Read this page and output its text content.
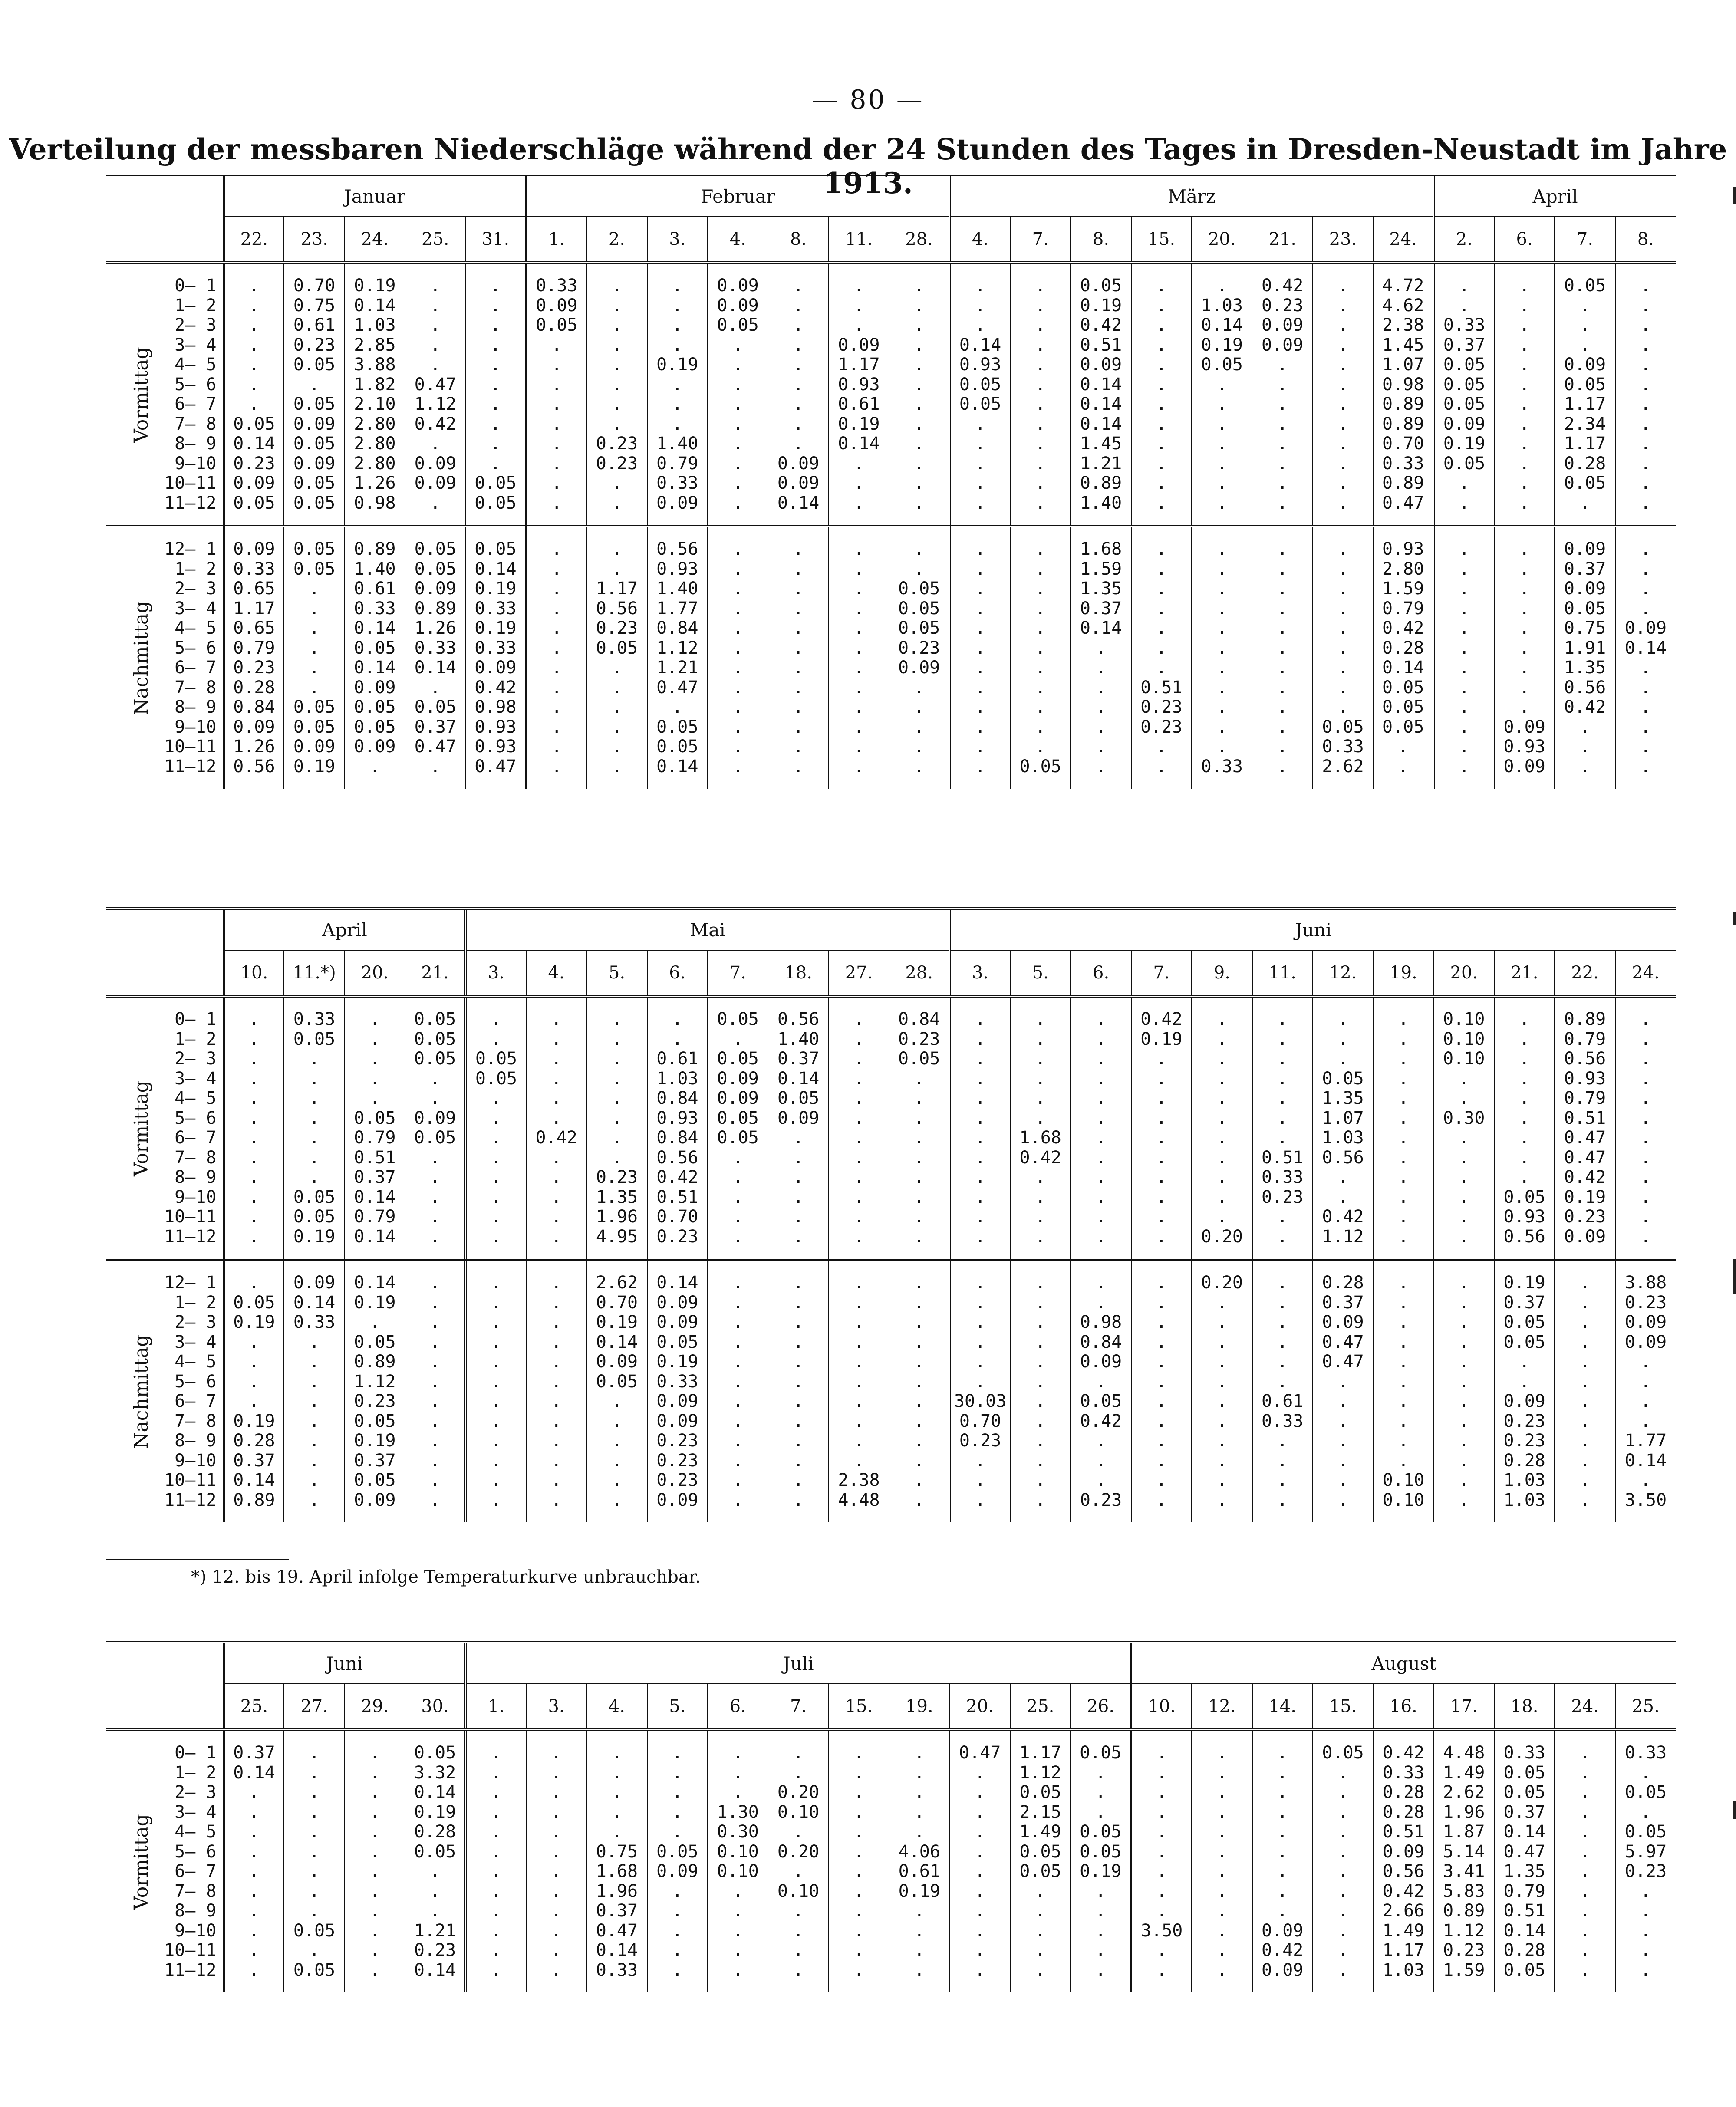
— 80 —
Verteilung der messbaren Niederschläge während der 24 Stunden des Tages in Dresden-Neustadt im Jahre 1913.
	Januar					Februar							März								April			
	22.	23.	24.	25.	31.	1.	2.	3.	4.	8.	11.	28.	4.	7.	8.	15.	20.	21.	23.	24.	2.	6.	7.	8.

0— 1	.	0.70	0.19	.	.	0.33	.	.	0.09	.	.	.	.	.	0.05	.	.	0.42	.	4.72	.	.	0.05	.
1— 2	.	0.75	0.14	.	.	0.09	.	.	0.09	.	.	.	.	.	0.19	.	1.03	0.23	.	4.62	.	.	.	.
2— 3	.	0.61	1.03	.	.	0.05	.	.	0.05	.	.	.	.	.	0.42	.	0.14	0.09	.	2.38	0.33	.	.	.
3— 4	.	0.23	2.85	.	.	.	.	.	.	.	0.09	.	0.14	.	0.51	.	0.19	0.09	.	1.45	0.37	.	.	.
4— 5	.	0.05	3.88	.	.	.	.	0.19	.	.	1.17	.	0.93	.	0.09	.	0.05	.	.	1.07	0.05	.	0.09	.
5— 6	.	.	1.82	0.47	.	.	.	.	.	.	0.93	.	0.05	.	0.14	.	.	.	.	0.98	0.05	.	0.05	.
6— 7	.	0.05	2.10	1.12	.	.	.	.	.	.	0.61	.	0.05	.	0.14	.	.	.	.	0.89	0.05	.	1.17	.
7— 8	0.05	0.09	2.80	0.42	.	.	.	.	.	.	0.19	.	.	.	0.14	.	.	.	.	0.89	0.09	.	2.34	.
8— 9	0.14	0.05	2.80	.	.	.	0.23	1.40	.	.	0.14	.	.	.	1.45	.	.	.	.	0.70	0.19	.	1.17	.
9—10	0.23	0.09	2.80	0.09	.	.	0.23	0.79	.	0.09	.	.	.	.	1.21	.	.	.	.	0.33	0.05	.	0.28	.
10—11	0.09	0.05	1.26	0.09	0.05	.	.	0.33	.	0.09	.	.	.	.	0.89	.	.	.	.	0.89	.	.	0.05	.
11—12	0.05	0.05	0.98	.	0.05	.	.	0.09	.	0.14	.	.	.	.	1.40	.	.	.	.	0.47	.	.	.	.

12— 1	0.09	0.05	0.89	0.05	0.05	.	.	0.56	.	.	.	.	.	.	1.68	.	.	.	.	0.93	.	.	0.09	.
1— 2	0.33	0.05	1.40	0.05	0.14	.	.	0.93	.	.	.	.	.	.	1.59	.	.	.	.	2.80	.	.	0.37	.
2— 3	0.65	.	0.61	0.09	0.19	.	1.17	1.40	.	.	.	0.05	.	.	1.35	.	.	.	.	1.59	.	.	0.09	.
3— 4	1.17	.	0.33	0.89	0.33	.	0.56	1.77	.	.	.	0.05	.	.	0.37	.	.	.	.	0.79	.	.	0.05	.
4— 5	0.65	.	0.14	1.26	0.19	.	0.23	0.84	.	.	.	0.05	.	.	0.14	.	.	.	.	0.42	.	.	0.75	0.09
5— 6	0.79	.	0.05	0.33	0.33	.	0.05	1.12	.	.	.	0.23	.	.	.	.	.	.	.	0.28	.	.	1.91	0.14
6— 7	0.23	.	0.14	0.14	0.09	.	.	1.21	.	.	.	0.09	.	.	.	.	.	.	.	0.14	.	.	1.35	.
7— 8	0.28	.	0.09	.	0.42	.	.	0.47	.	.	.	.	.	.	.	0.51	.	.	.	0.05	.	.	0.56	.
8— 9	0.84	0.05	0.05	0.05	0.98	.	.	.	.	.	.	.	.	.	.	0.23	.	.	.	0.05	.	.	0.42	.
9—10	0.09	0.05	0.05	0.37	0.93	.	.	0.05	.	.	.	.	.	.	.	0.23	.	.	0.05	0.05	.	0.09	.	.
10—11	1.26	0.09	0.09	0.47	0.93	.	.	0.05	.	.	.	.	.	.	.	.	.	.	0.33	.	.	0.93	.	.
11—12	0.56	0.19	.	.	0.47	.	.	0.14	.	.	.	.	.	0.05	.	.	0.33	.	2.62	.	.	0.09	.	.

Vormittag
Nachmittag
	April				Mai								Juni											
	10.	11.*)	20.	21.	3.	4.	5.	6.	7.	18.	27.	28.	3.	5.	6.	7.	9.	11.	12.	19.	20.	21.	22.	24.

0— 1	.	0.33	.	0.05	.	.	.	.	0.05	0.56	.	0.84	.	.	.	0.42	.	.	.	.	0.10	.	0.89	.
1— 2	.	0.05	.	0.05	.	.	.	.	.	1.40	.	0.23	.	.	.	0.19	.	.	.	.	0.10	.	0.79	.
2— 3	.	.	.	0.05	0.05	.	.	0.61	0.05	0.37	.	0.05	.	.	.	.	.	.	.	.	0.10	.	0.56	.
3— 4	.	.	.	.	0.05	.	.	1.03	0.09	0.14	.	.	.	.	.	.	.	.	0.05	.	.	.	0.93	.
4— 5	.	.	.	.	.	.	.	0.84	0.09	0.05	.	.	.	.	.	.	.	.	1.35	.	.	.	0.79	.
5— 6	.	.	0.05	0.09	.	.	.	0.93	0.05	0.09	.	.	.	.	.	.	.	.	1.07	.	0.30	.	0.51	.
6— 7	.	.	0.79	0.05	.	0.42	.	0.84	0.05	.	.	.	.	1.68	.	.	.	.	1.03	.	.	.	0.47	.
7— 8	.	.	0.51	.	.	.	.	0.56	.	.	.	.	.	0.42	.	.	.	0.51	0.56	.	.	.	0.47	.
8— 9	.	.	0.37	.	.	.	0.23	0.42	.	.	.	.	.	.	.	.	.	0.33	.	.	.	.	0.42	.
9—10	.	0.05	0.14	.	.	.	1.35	0.51	.	.	.	.	.	.	.	.	.	0.23	.	.	.	0.05	0.19	.
10—11	.	0.05	0.79	.	.	.	1.96	0.70	.	.	.	.	.	.	.	.	.	.	0.42	.	.	0.93	0.23	.
11—12	.	0.19	0.14	.	.	.	4.95	0.23	.	.	.	.	.	.	.	.	0.20	.	1.12	.	.	0.56	0.09	.

12— 1	.	0.09	0.14	.	.	.	2.62	0.14	.	.	.	.	.	.	.	.	0.20	.	0.28	.	.	0.19	.	3.88
1— 2	0.05	0.14	0.19	.	.	.	0.70	0.09	.	.	.	.	.	.	.	.	.	.	0.37	.	.	0.37	.	0.23
2— 3	0.19	0.33	.	.	.	.	0.19	0.09	.	.	.	.	.	.	0.98	.	.	.	0.09	.	.	0.05	.	0.09
3— 4	.	.	0.05	.	.	.	0.14	0.05	.	.	.	.	.	.	0.84	.	.	.	0.47	.	.	0.05	.	0.09
4— 5	.	.	0.89	.	.	.	0.09	0.19	.	.	.	.	.	.	0.09	.	.	.	0.47	.	.	.	.	.
5— 6	.	.	1.12	.	.	.	0.05	0.33	.	.	.	.	.	.	.	.	.	.	.	.	.	.	.	.
6— 7	.	.	0.23	.	.	.	.	0.09	.	.	.	.	30.03	.	0.05	.	.	0.61	.	.	.	0.09	.	.
7— 8	0.19	.	0.05	.	.	.	.	0.09	.	.	.	.	0.70	.	0.42	.	.	0.33	.	.	.	0.23	.	.
8— 9	0.28	.	0.19	.	.	.	.	0.23	.	.	.	.	0.23	.	.	.	.	.	.	.	.	0.23	.	1.77
9—10	0.37	.	0.37	.	.	.	.	0.23	.	.	.	.	.	.	.	.	.	.	.	.	.	0.28	.	0.14
10—11	0.14	.	0.05	.	.	.	.	0.23	.	.	2.38	.	.	.	.	.	.	.	.	0.10	.	1.03	.	.
11—12	0.89	.	0.09	.	.	.	.	0.09	.	.	4.48	.	.	.	0.23	.	.	.	.	0.10	.	1.03	.	3.50

Vormittag
Nachmittag
*) 12. bis 19. April infolge Temperaturkurve unbrauchbar.
	Juni				Juli											August								
	25.	27.	29.	30.	1.	3.	4.	5.	6.	7.	15.	19.	20.	25.	26.	10.	12.	14.	15.	16.	17.	18.	24.	25.

0— 1	0.37	.	.	0.05	.	.	.	.	.	.	.	.	0.47	1.17	0.05	.	.	.	0.05	0.42	4.48	0.33	.	0.33
1— 2	0.14	.	.	3.32	.	.	.	.	.	.	.	.	.	1.12	.	.	.	.	.	0.33	1.49	0.05	.	.
2— 3	.	.	.	0.14	.	.	.	.	.	0.20	.	.	.	0.05	.	.	.	.	.	0.28	2.62	0.05	.	0.05
3— 4	.	.	.	0.19	.	.	.	.	1.30	0.10	.	.	.	2.15	.	.	.	.	.	0.28	1.96	0.37	.	.
4— 5	.	.	.	0.28	.	.	.	.	0.30	.	.	.	.	1.49	0.05	.	.	.	.	0.51	1.87	0.14	.	0.05
5— 6	.	.	.	0.05	.	.	0.75	0.05	0.10	0.20	.	4.06	.	0.05	0.05	.	.	.	.	0.09	5.14	0.47	.	5.97
6— 7	.	.	.	.	.	.	1.68	0.09	0.10	.	.	0.61	.	0.05	0.19	.	.	.	.	0.56	3.41	1.35	.	0.23
7— 8	.	.	.	.	.	.	1.96	.	.	0.10	.	0.19	.	.	.	.	.	.	.	0.42	5.83	0.79	.	.
8— 9	.	.	.	.	.	.	0.37	.	.	.	.	.	.	.	.	.	.	.	.	2.66	0.89	0.51	.	.
9—10	.	0.05	.	1.21	.	.	0.47	.	.	.	.	.	.	.	.	3.50	.	0.09	.	1.49	1.12	0.14	.	.
10—11	.	.	.	0.23	.	.	0.14	.	.	.	.	.	.	.	.	.	.	0.42	.	1.17	0.23	0.28	.	.
11—12	.	0.05	.	0.14	.	.	0.33	.	.	.	.	.	.	.	.	.	.	0.09	.	1.03	1.59	0.05	.	.

Vormittag
